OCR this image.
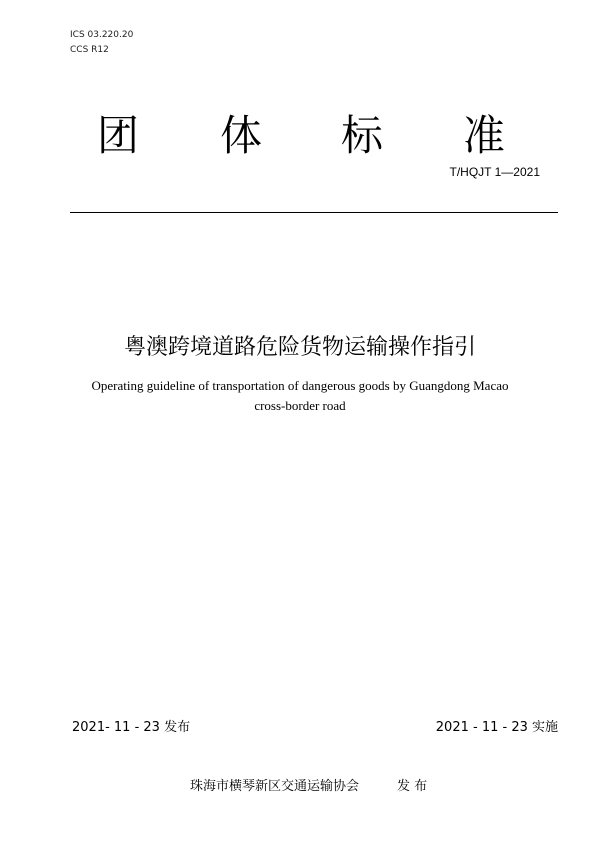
ICS 03.220.20
CCS R12
团 体 标 准
T/HQJT 1—2021
粤澳跨境道路危险货物运输操作指引
Operating guideline of transportation of dangerous goods by Guangdong Macao
cross-border road
2021- 11 - 23 发布	2021 - 11 - 23 实施
珠海市横琴新区交通运输协会	发 布
